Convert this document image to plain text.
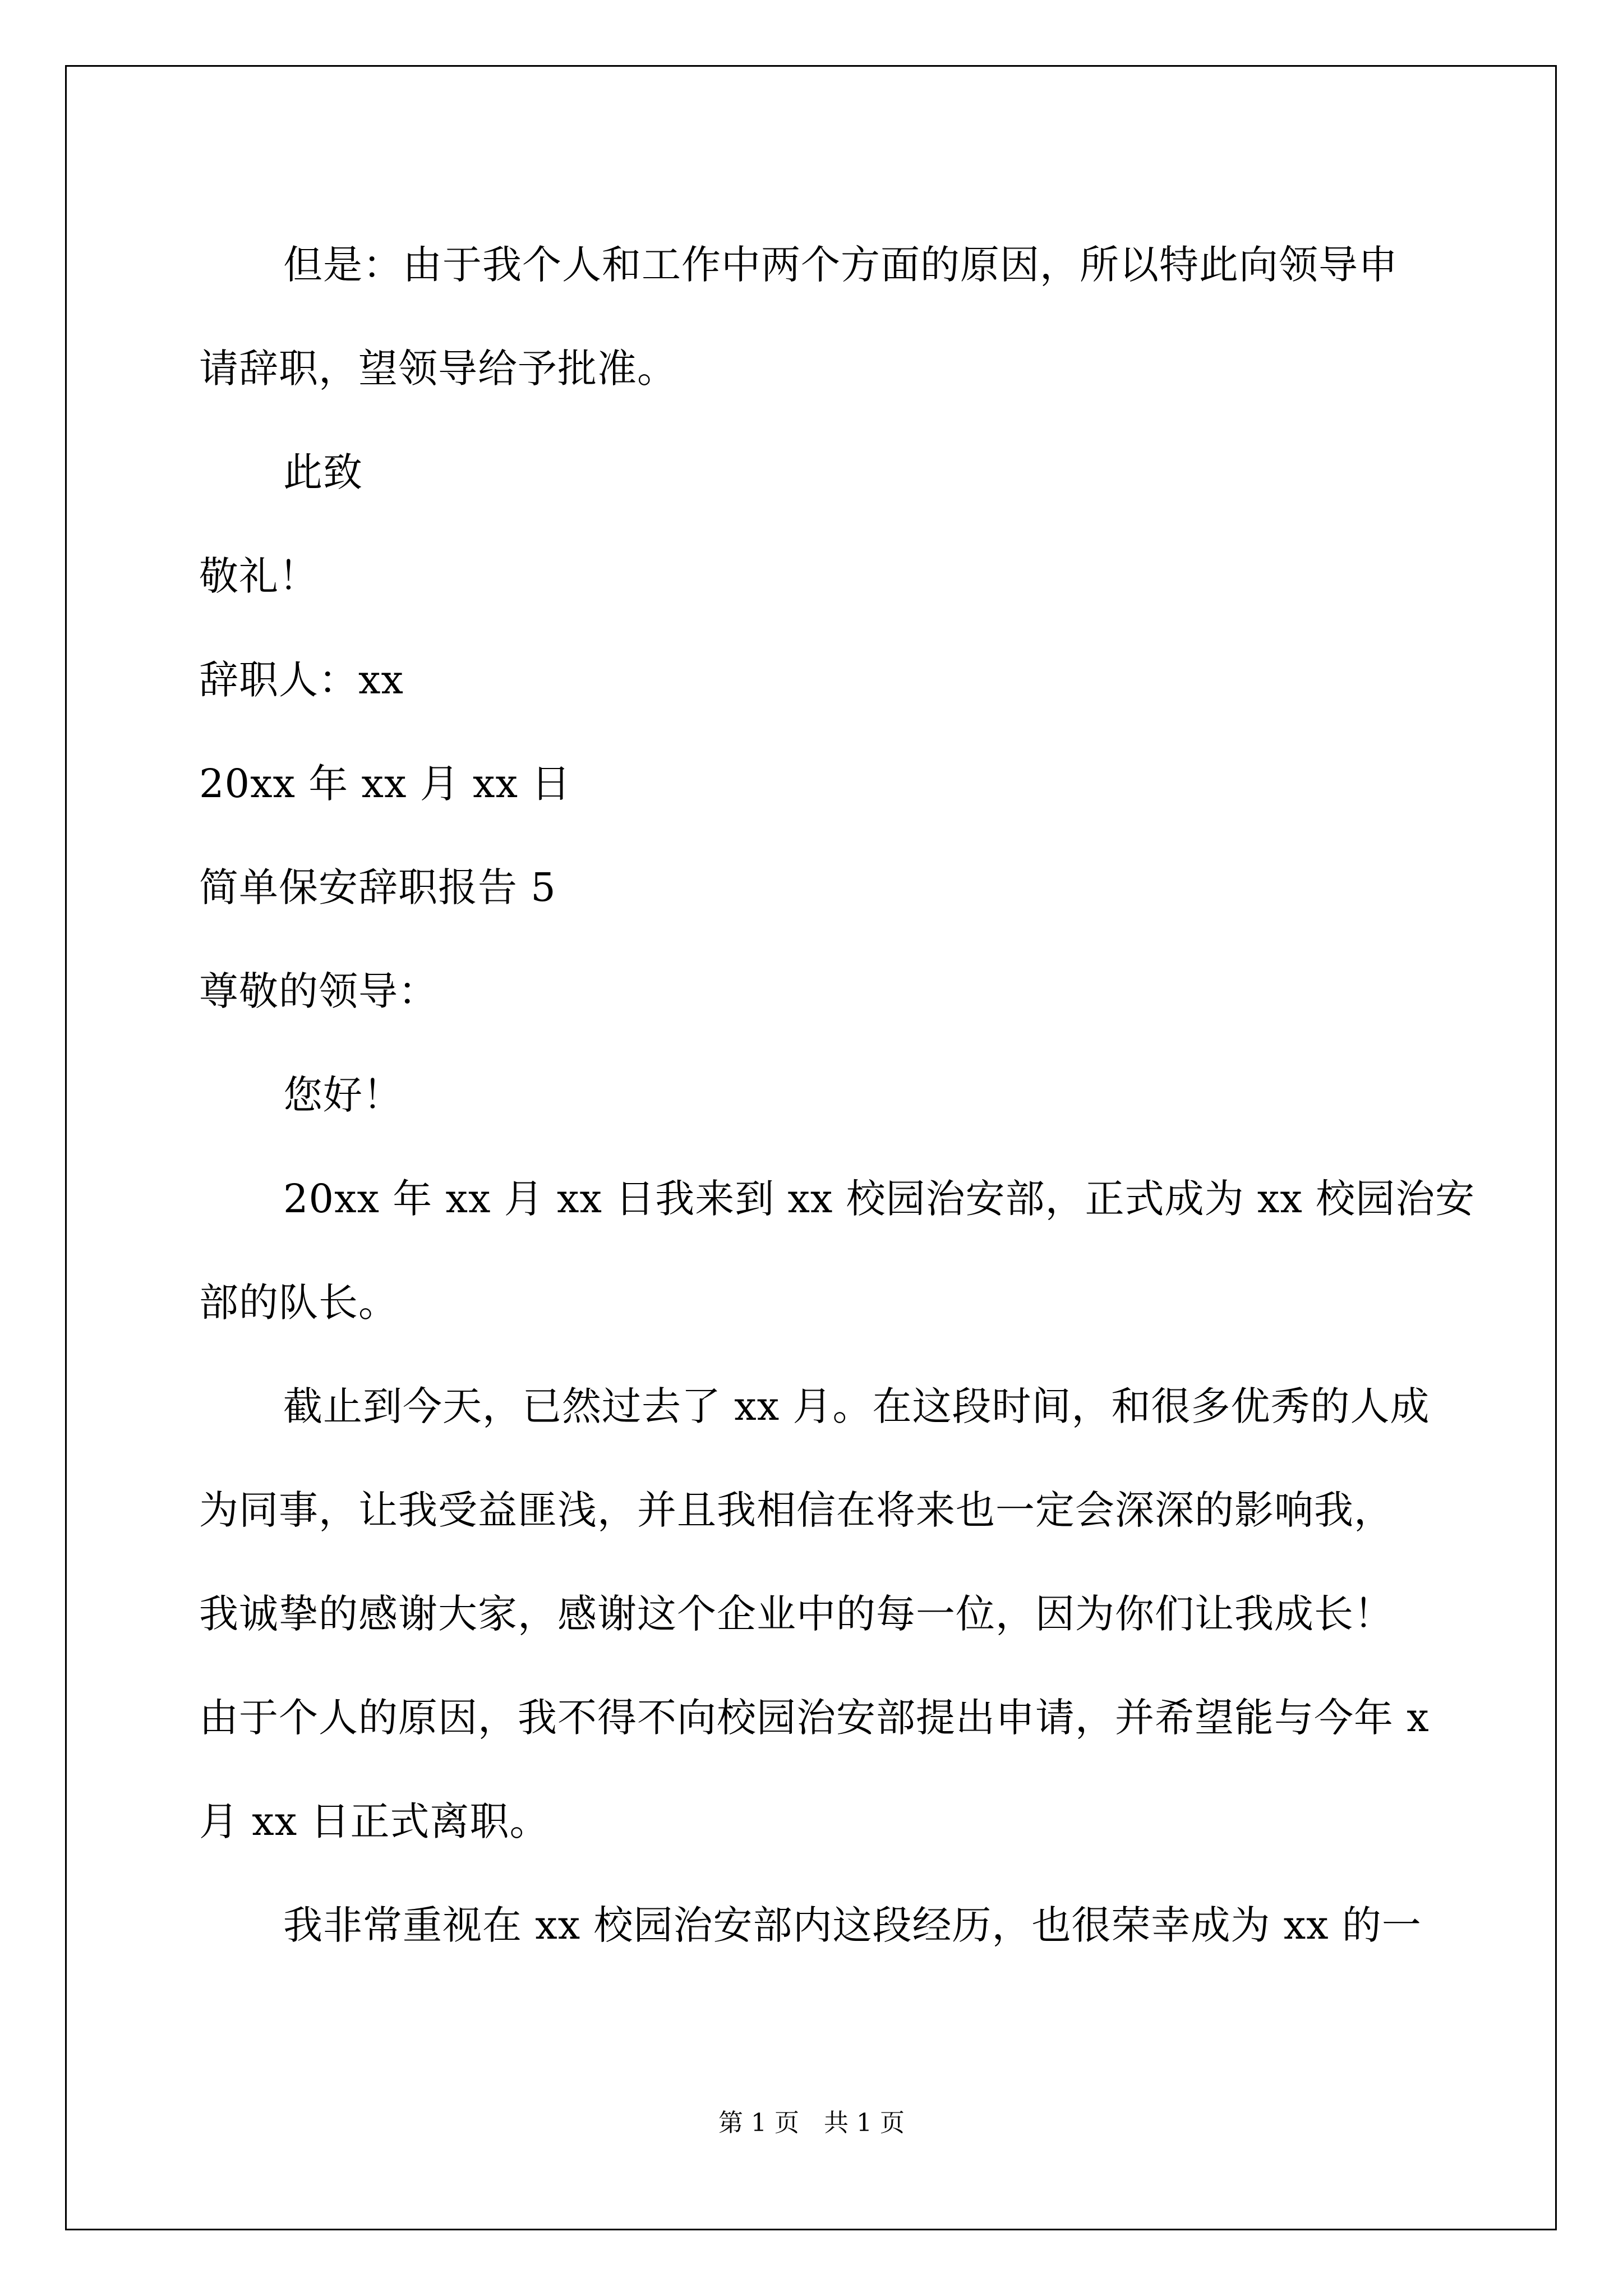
但是：由于我个人和工作中两个方面的原因，所以特此向领导申

请辞职，望领导给予批准。

此致

敬礼！

辞职人：xx

20xx 年 xx 月 xx 日

简单保安辞职报告 5

尊敬的领导：

您好！

20xx 年 xx 月 xx 日我来到 xx 校园治安部，正式成为 xx 校园治安

部的队长。

截止到今天，已然过去了 xx 月。在这段时间，和很多优秀的人成

为同事，让我受益匪浅，并且我相信在将来也一定会深深的影响我，

我诚挚的感谢大家，感谢这个企业中的每一位，因为你们让我成长！

由于个人的原因，我不得不向校园治安部提出申请，并希望能与今年 x

月 xx 日正式离职。

我非常重视在 xx 校园治安部内这段经历，也很荣幸成为 xx 的一

第 1 页　共 1 页
